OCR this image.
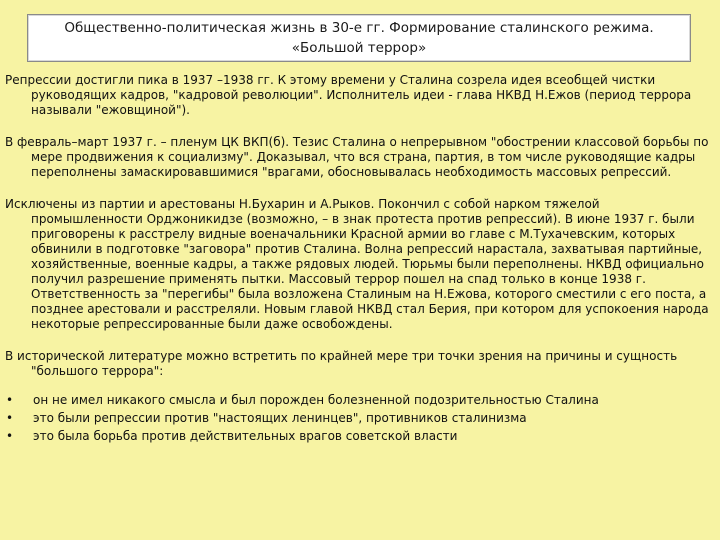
Общественно-политическая жизнь в 30-е гг. Формирование сталинского режима.
«Большой террор»

Репрессии достигли пика в 1937 –1938 гг. К этому времени у Сталина созрела идея всеобщей чистки руководящих кадров, "кадровой революции". Исполнитель идеи - глава НКВД Н.Ежов (период террора называли "ежовщиной").

В февраль–март 1937 г. – пленум ЦК ВКП(б). Тезис Сталина о непрерывном "обострении классовой борьбы по мере продвижения к социализму". Доказывал, что вся страна, партия, в том числе руководящие кадры переполнены замаскировавшимися "врагами, обосновывалась необходимость массовых репрессий.

Исключены из партии и арестованы Н.Бухарин и А.Рыков. Покончил с собой нарком тяжелой промышленности Орджоникидзе (возможно, – в знак протеста против репрессий). В июне 1937 г. были приговорены к расстрелу видные военачальники Красной армии во главе с М.Тухачевским, которых обвинили в подготовке "заговора" против Сталина. Волна репрессий нарастала, захватывая партийные, хозяйственные, военные кадры, а также рядовых людей. Тюрьмы были переполнены. НКВД официально получил разрешение применять пытки. Массовый террор пошел на спад только в конце 1938 г. Ответственность за "перегибы" была возложена Сталиным на Н.Ежова, которого сместили с его поста, а позднее арестовали и расстреляли. Новым главой НКВД стал Берия, при котором для успокоения народа некоторые репрессированные были даже освобождены.

В исторической литературе можно встретить по крайней мере три точки зрения на причины и сущность "большого террора":

• он не имел никакого смысла и был порожден болезненной подозрительностью Сталина
• это были репрессии против "настоящих ленинцев", противников сталинизма
• это была борьба против действительных врагов советской власти
